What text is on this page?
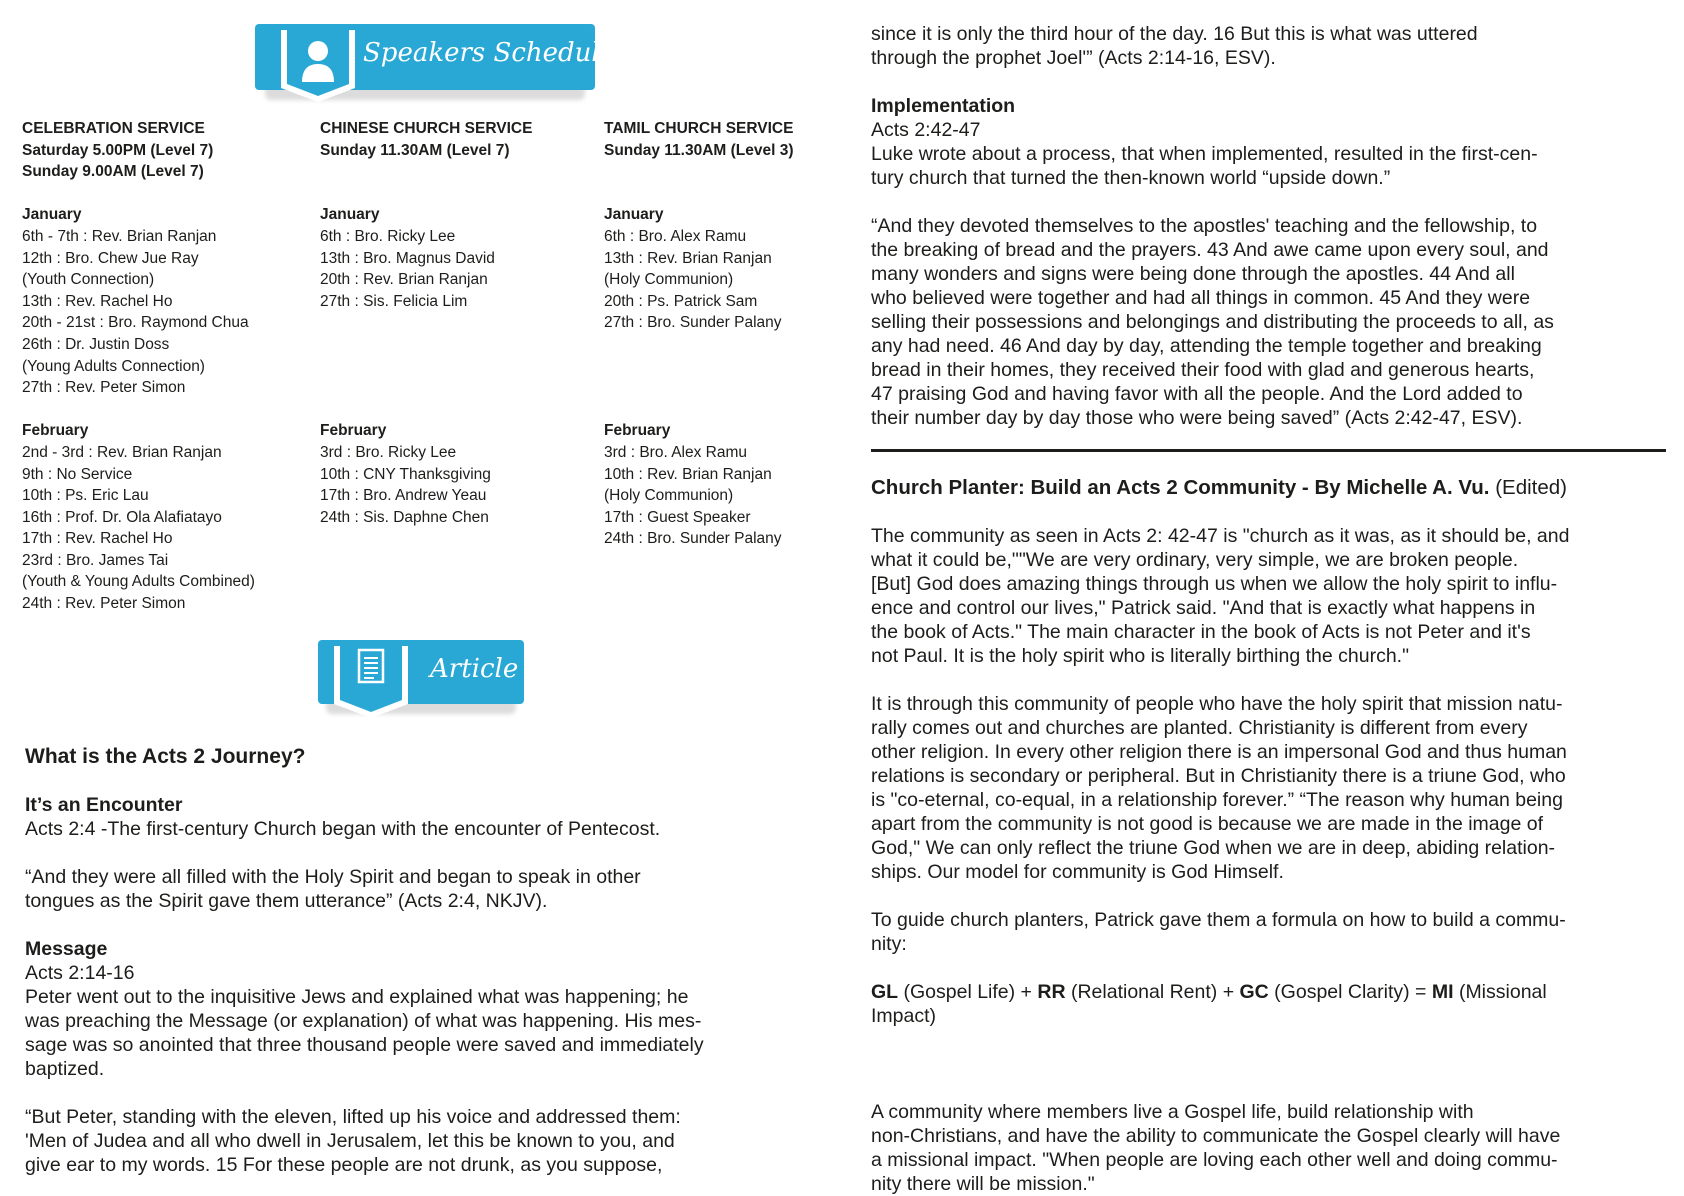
Speakers Schedule
CELEBRATION SERVICE
Saturday 5.00PM (Level 7)
Sunday 9.00AM (Level 7)
January
6th - 7th : Rev. Brian Ranjan
12th : Bro. Chew Jue Ray
(Youth Connection)
13th : Rev. Rachel Ho
20th - 21st : Bro. Raymond Chua
26th : Dr. Justin Doss
(Young Adults Connection)
27th : Rev. Peter Simon
February
2nd - 3rd : Rev. Brian Ranjan
9th : No Service
10th : Ps. Eric Lau
16th : Prof. Dr. Ola Alafiatayo
17th : Rev. Rachel Ho
23rd : Bro. James Tai
(Youth & Young Adults Combined)
24th : Rev. Peter Simon
CHINESE CHURCH SERVICE
Sunday 11.30AM (Level 7)
January
6th : Bro. Ricky Lee
13th : Bro. Magnus David
20th : Rev. Brian Ranjan
27th : Sis. Felicia Lim
February
3rd : Bro. Ricky Lee
10th : CNY Thanksgiving
17th : Bro. Andrew Yeau
24th : Sis. Daphne Chen
TAMIL CHURCH SERVICE
Sunday 11.30AM (Level 3)
January
6th : Bro. Alex Ramu
13th : Rev. Brian Ranjan
(Holy Communion)
20th : Ps. Patrick Sam
27th : Bro. Sunder Palany
February
3rd : Bro. Alex Ramu
10th : Rev. Brian Ranjan
(Holy Communion)
17th : Guest Speaker
24th : Bro. Sunder Palany
Article

What is the Acts 2 Journey?

It’s an Encounter

Acts 2:4 -The first-century Church began with the encounter of Pentecost.

“And they were all filled with the Holy Spirit and began to speak in other

tongues as the Spirit gave them utterance” (Acts 2:4, NKJV).

Message

Acts 2:14-16

Peter went out to the inquisitive Jews and explained what was happening; he

was preaching the Message (or explanation) of what was happening. His mes-

sage was so anointed that three thousand people were saved and immediately

baptized.

“But Peter, standing with the eleven, lifted up his voice and addressed them:

'Men of Judea and all who dwell in Jerusalem, let this be known to you, and

give ear to my words. 15 For these people are not drunk, as you suppose,

since it is only the third hour of the day. 16 But this is what was uttered

through the prophet Joel'” (Acts 2:14-16, ESV).

Implementation

Acts 2:42-47

Luke wrote about a process, that when implemented, resulted in the first-cen-

tury church that turned the then-known world “upside down.”

“And they devoted themselves to the apostles' teaching and the fellowship, to

the breaking of bread and the prayers. 43 And awe came upon every soul, and

many wonders and signs were being done through the apostles. 44 And all

who believed were together and had all things in common. 45 And they were

selling their possessions and belongings and distributing the proceeds to all, as

any had need. 46 And day by day, attending the temple together and breaking

bread in their homes, they received their food with glad and generous hearts,

47 praising God and having favor with all the people. And the Lord added to

their number day by day those who were being saved” (Acts 2:42-47, ESV).

Church Planter: Build an Acts 2 Community - By Michelle A. Vu. (Edited)

The community as seen in Acts 2: 42-47 is "church as it was, as it should be, and

what it could be,""We are very ordinary, very simple, we are broken people.

[But] God does amazing things through us when we allow the holy spirit to influ-

ence and control our lives," Patrick said. "And that is exactly what happens in

the book of Acts." The main character in the book of Acts is not Peter and it's

not Paul. It is the holy spirit who is literally birthing the church."

It is through this community of people who have the holy spirit that mission natu-

rally comes out and churches are planted. Christianity is different from every

other religion. In every other religion there is an impersonal God and thus human

relations is secondary or peripheral. But in Christianity there is a triune God, who

is "co-eternal, co-equal, in a relationship forever.” “The reason why human being

apart from the community is not good is because we are made in the image of

God," We can only reflect the triune God when we are in deep, abiding relation-

ships. Our model for community is God Himself.

To guide church planters, Patrick gave them a formula on how to build a commu-

nity:

GL (Gospel Life) + RR (Relational Rent) + GC (Gospel Clarity) = MI (Missional

Impact)

A community where members live a Gospel life, build relationship with

non-Christians, and have the ability to communicate the Gospel clearly will have

a missional impact. "When people are loving each other well and doing commu-

nity there will be mission."
